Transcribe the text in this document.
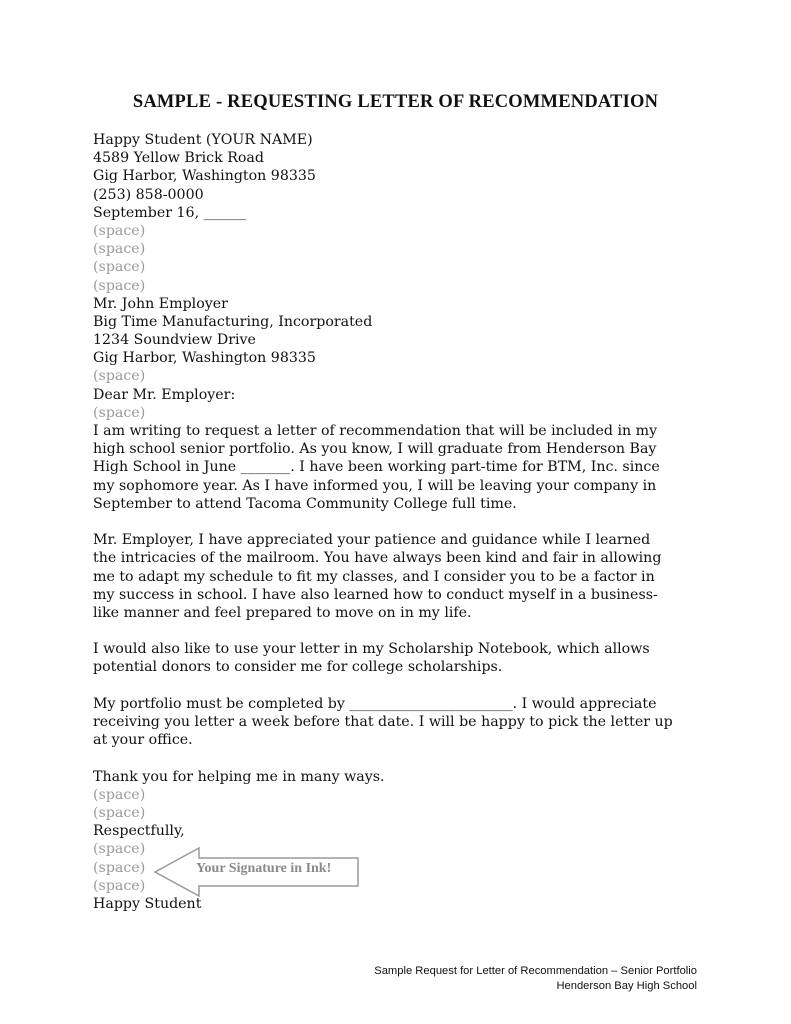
SAMPLE - REQUESTING LETTER OF RECOMMENDATION
Happy Student (YOUR NAME)
4589 Yellow Brick Road
Gig Harbor, Washington 98335
(253) 858-0000
September 16, ______
(space)
(space)
(space)
(space)
Mr. John Employer
Big Time Manufacturing, Incorporated
1234 Soundview Drive
Gig Harbor, Washington 98335
(space)
Dear Mr. Employer:
(space)
I am writing to request a letter of recommendation that will be included in my
high school senior portfolio. As you know, I will graduate from Henderson Bay
High School in June _______. I have been working part-time for BTM, Inc. since
my sophomore year. As I have informed you, I will be leaving your company in
September to attend Tacoma Community College full time.
Mr. Employer, I have appreciated your patience and guidance while I learned
the intricacies of the mailroom. You have always been kind and fair in allowing
me to adapt my schedule to fit my classes, and I consider you to be a factor in
my success in school. I have also learned how to conduct myself in a business-
like manner and feel prepared to move on in my life.
I would also like to use your letter in my Scholarship Notebook, which allows
potential donors to consider me for college scholarships.
My portfolio must be completed by _______________________. I would appreciate
receiving you letter a week before that date. I will be happy to pick the letter up
at your office.
Thank you for helping me in many ways.
(space)
(space)
Respectfully,
(space)
(space)
(space)
Happy Student
Your Signature in Ink!
Sample Request for Letter of Recommendation – Senior Portfolio
Henderson Bay High School
